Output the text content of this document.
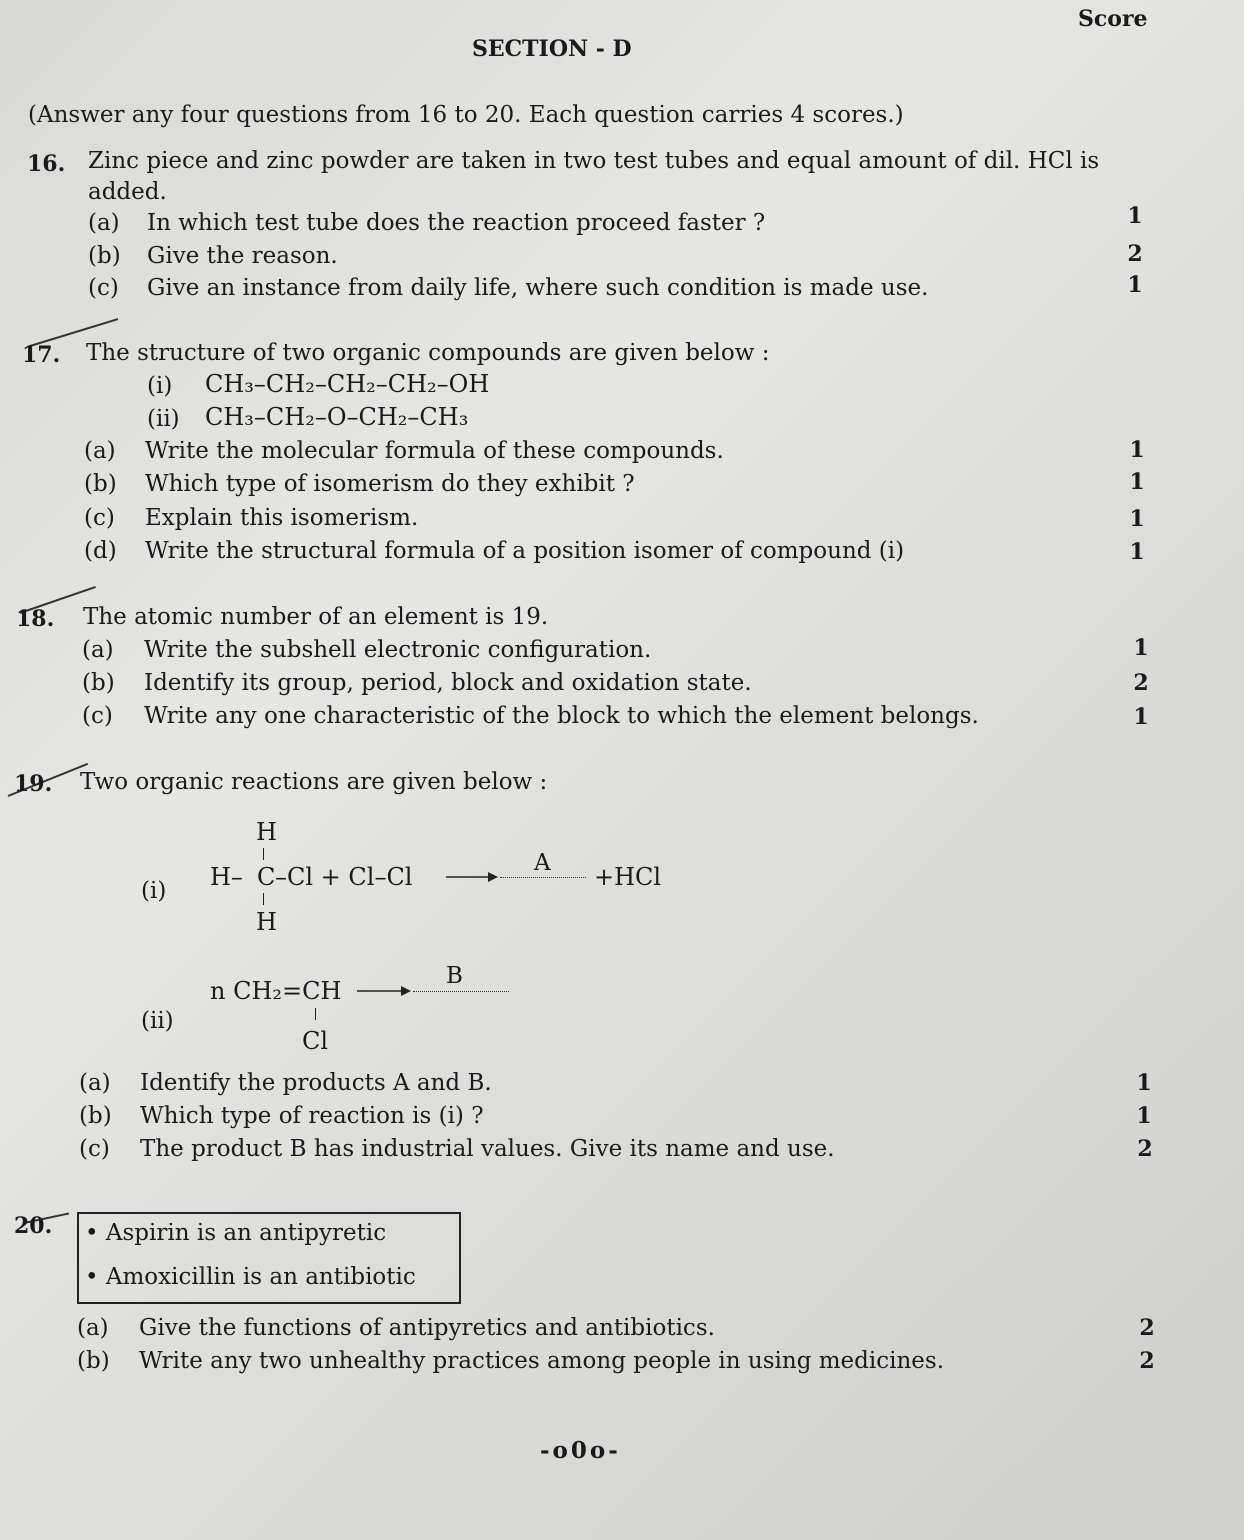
Score
SECTION - D
(Answer any four questions from 16 to 20. Each question carries 4 scores.)
16. Zinc piece and zinc powder are taken in two test tubes and equal amount of dil. HCl is
added.
(a) In which test tube does the reaction proceed faster ?	1
(b) Give the reason.	2
(c) Give an instance from daily life, where such condition is made use.	1
17. The structure of two organic compounds are given below :
(i) CH₃–CH₂–CH₂–CH₂–OH
(ii) CH₃–CH₂–O–CH₂–CH₃
(a) Write the molecular formula of these compounds.	1
(b) Which type of isomerism do they exhibit ?	1
(c) Explain this isomerism.	1
(d) Write the structural formula of a position isomer of compound (i)	1
18. The atomic number of an element is 19.
(a) Write the subshell electronic configuration.	1
(b) Identify its group, period, block and oxidation state.	2
(c) Write any one characteristic of the block to which the element belongs.	1
19. Two organic reactions are given below :
(i)
H
H– C –Cl + Cl–Cl
H
A +HCl
(ii)
n CH₂=CH
Cl
B
(a) Identify the products A and B.	1
(b) Which type of reaction is (i) ?	1
(c) The product B has industrial values. Give its name and use.	2
20. • Aspirin is an antipyretic
• Amoxicillin is an antibiotic
(a) Give the functions of antipyretics and antibiotics.	2
(b) Write any two unhealthy practices among people in using medicines.	2
-o0o-
